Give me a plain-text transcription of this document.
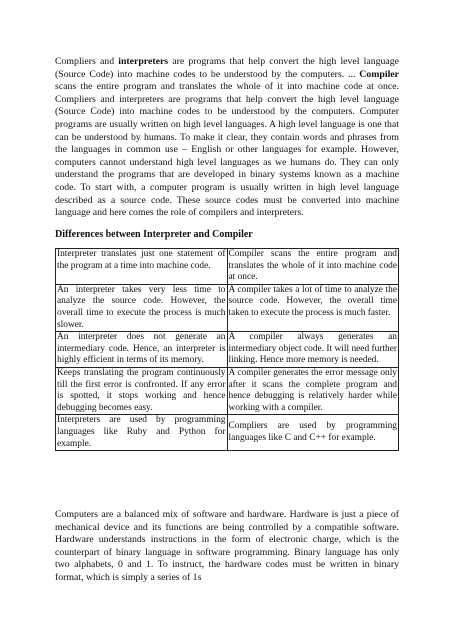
Compliers and interpreters are programs that help convert the high level language (Source Code) into machine codes to be understood by the computers. ... Compiler scans the entire program and translates the whole of it into machine code at once. Compliers and interpreters are programs that help convert the high level language (Source Code) into machine codes to be understood by the computers. Computer programs are usually written on high level languages. A high level language is one that can be understood by humans. To make it clear, they contain words and phrases from the languages in common use – English or other languages for example. However, computers cannot understand high level languages as we humans do. They can only understand the programs that are developed in binary systems known as a machine code. To start with, a computer program is usually written in high level language described as a source code. These source codes must be converted into machine language and here comes the role of compilers and interpreters.

Differences between Interpreter and Compiler

Interpreter translates just one statement of the program at a time into machine code.	Compiler scans the entire program and translates the whole of it into machine code at once.
An interpreter takes very less time to analyze the source code. However, the overall time to execute the process is much slower.	A compiler takes a lot of time to analyze the source code. However, the overall time taken to execute the process is much faster.
An interpreter does not generate an intermediary code. Hence, an interpreter is highly efficient in terms of its memory.	A compiler always generates an intermediary object code. It will need further linking. Hence more memory is needed.
Keeps translating the program continuously till the first error is confronted. If any error is spotted, it stops working and hence debugging becomes easy.	A compiler generates the error message only after it scans the complete program and hence debugging is relatively harder while working with a compiler.
Interpreters are used by programming languages like Ruby and Python for example.	Compliers are used by programming languages like C and C++ for example.

Computers are a balanced mix of software and hardware. Hardware is just a piece of mechanical device and its functions are being controlled by a compatible software. Hardware understands instructions in the form of electronic charge, which is the counterpart of binary language in software programming. Binary language has only two alphabets, 0 and 1. To instruct, the hardware codes must be written in binary format, which is simply a series of 1s
